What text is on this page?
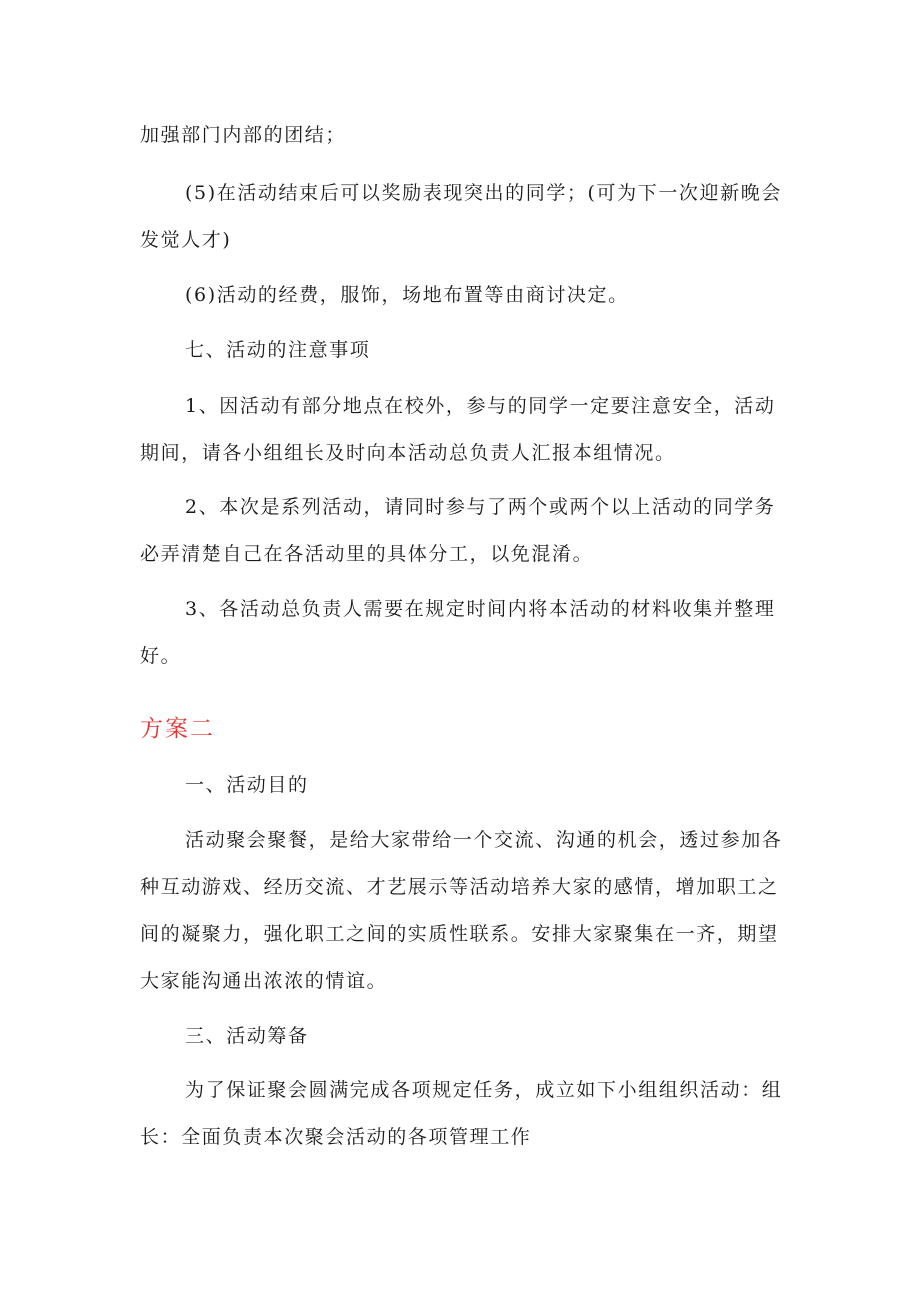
加强部门内部的团结；

(5)在活动结束后可以奖励表现突出的同学；(可为下一次迎新晚会发觉人才)

(6)活动的经费，服饰，场地布置等由商讨决定。

七、活动的注意事项

1、因活动有部分地点在校外，参与的同学一定要注意安全，活动期间，请各小组组长及时向本活动总负责人汇报本组情况。

2、本次是系列活动，请同时参与了两个或两个以上活动的同学务必弄清楚自己在各活动里的具体分工，以免混淆。

3、各活动总负责人需要在规定时间内将本活动的材料收集并整理好。

方案二

一、活动目的

活动聚会聚餐，是给大家带给一个交流、沟通的机会，透过参加各种互动游戏、经历交流、才艺展示等活动培养大家的感情，增加职工之间的凝聚力，强化职工之间的实质性联系。安排大家聚集在一齐，期望大家能沟通出浓浓的情谊。

三、活动筹备

为了保证聚会圆满完成各项规定任务，成立如下小组组织活动：组长：全面负责本次聚会活动的各项管理工作
